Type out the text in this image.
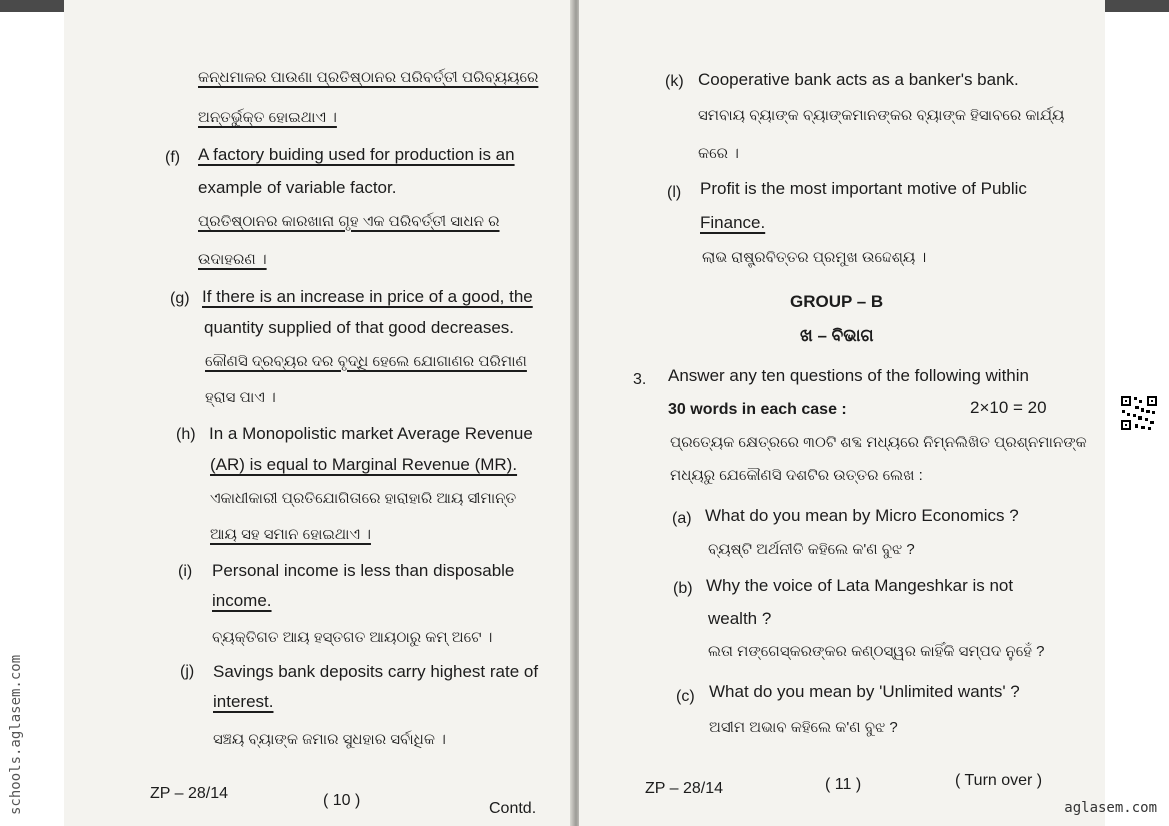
କନ୍ଧମାଳର ପାଉଣା ପ୍ରତିଷ୍ଠାନର ପରିବର୍ତ୍ତୀ ପରିବ୍ୟୟରେ
ଅନ୍ତର୍ଭୁକ୍ତ ହୋଇଥାଏ ।
(f) A factory buiding used for production is an
example of variable factor.
ପ୍ରତିଷ୍ଠାନର କାରଖାନା ଗୃହ ଏକ ପରିବର୍ତ୍ତୀ ସାଧନ ର
ଉଦାହରଣ ।
(g) If there is an increase in price of a good, the
quantity supplied of that good decreases.
କୌଣସି ଦ୍ରବ୍ୟର ଦର ବୃଦ୍ଧି ହେଲେ ଯୋଗାଣର ପରିମାଣ
ହ୍ରାସ ପାଏ ।
(h) In a Monopolistic market Average Revenue
(AR) is equal to Marginal Revenue (MR).
ଏକାଧୀକାରୀ ପ୍ରତିଯୋଗିତାରେ ହାରାହାରି ଆୟ ସୀମାନ୍ତ
ଆୟ ସହ ସମାନ ହୋଇଥାଏ ।
(i) Personal income is less than disposable
income.
ବ୍ୟକ୍ତିଗତ ଆୟ ହସ୍ତଗତ ଆୟଠାରୁ କମ୍ ଅଟେ ।
(j) Savings bank deposits carry highest rate of
interest.
ସଞ୍ଚୟ ବ୍ୟାଙ୍କ ଜମାର ସୁଧହାର ସର୍ବାଧିକ ।
ZP – 28/14	( 10 )	Contd.
(k) Cooperative bank acts as a banker's bank.
ସମବାୟ ବ୍ୟାଙ୍କ ବ୍ୟାଙ୍କମାନଙ୍କର ବ୍ୟାଙ୍କ ହିସାବରେ କାର୍ଯ୍ୟ
କରେ ।
(l) Profit is the most important motive of Public
Finance.
ଲାଭ ରାଷ୍ଟ୍ରବିତ୍ତର ପ୍ରମୁଖ ଉଦ୍ଦେଶ୍ୟ ।
GROUP – B
ଖ – ବିଭାଗ
3. Answer any ten questions of the following within
30 words in each case :	2×10 = 20
ପ୍ରତ୍ୟେକ କ୍ଷେତ୍ରରେ ୩୦ଟି ଶବ୍ଦ ମଧ୍ୟରେ ନିମ୍ନଲିଖିତ ପ୍ରଶ୍ନମାନଙ୍କ
ମଧ୍ୟରୁ ଯେକୌଣସି ଦଶଟିର ଉତ୍ତର ଲେଖ :
(a) What do you mean by Micro Economics ?
ବ୍ୟଷ୍ଟି ଅର୍ଥନୀତି କହିଲେ କ'ଣ ବୁଝ ?
(b) Why the voice of Lata Mangeshkar is not
wealth ?
ଲତା ମଙ୍ଗେସ୍କରଙ୍କର କଣ୍ଠସ୍ୱର କାହିଁକି ସମ୍ପଦ ନୁହେଁ ?
(c) What do you mean by 'Unlimited wants' ?
ଅସୀମ ଅଭାବ କହିଲେ କ'ଣ ବୁଝ ?
ZP – 28/14	( 11 )	( Turn over )
schools.aglasem.com	aglasem.com
